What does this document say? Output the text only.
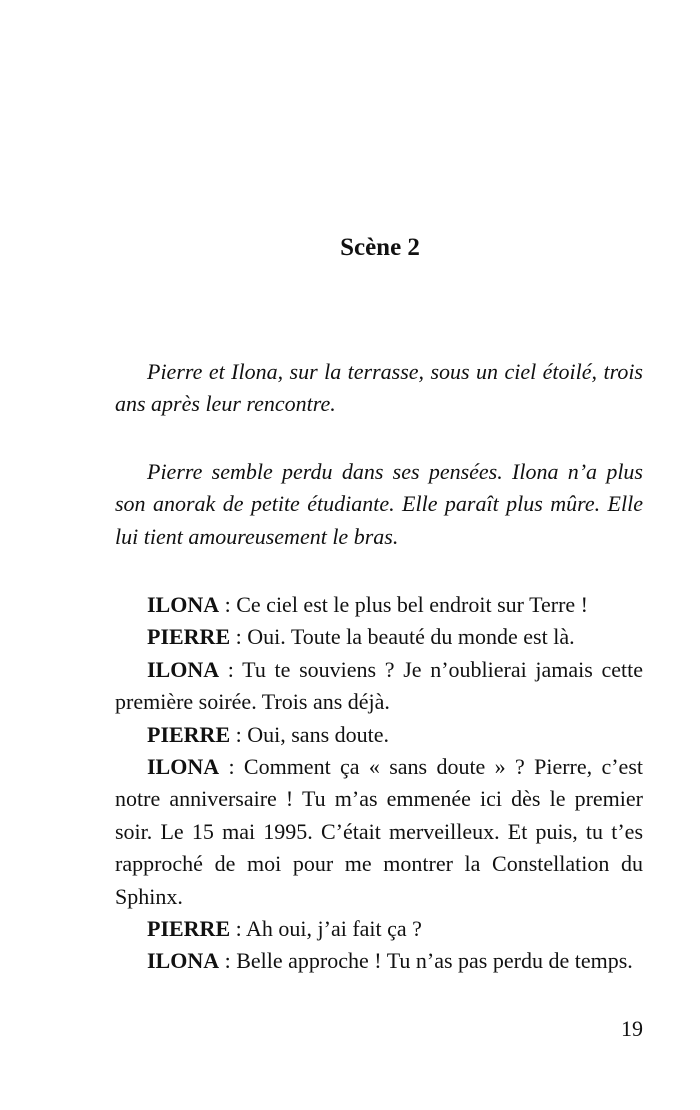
Scène 2

Pierre et Ilona, sur la terrasse, sous un ciel étoilé, trois ans après leur rencontre.

Pierre semble perdu dans ses pensées. Ilona n’a plus son anorak de petite étudiante. Elle paraît plus mûre. Elle lui tient amoureusement le bras.

ILONA : Ce ciel est le plus bel endroit sur Terre !

PIERRE : Oui. Toute la beauté du monde est là.

ILONA : Tu te souviens ? Je n’oublierai jamais cette première soirée. Trois ans déjà.

PIERRE : Oui, sans doute.

ILONA : Comment ça « sans doute » ? Pierre, c’est notre anniversaire ! Tu m’as emmenée ici dès le premier soir. Le 15 mai 1995. C’était merveilleux. Et puis, tu t’es rapproché de moi pour me montrer la Constellation du Sphinx.

PIERRE : Ah oui, j’ai fait ça ?

ILONA : Belle approche ! Tu n’as pas perdu de temps.

19
